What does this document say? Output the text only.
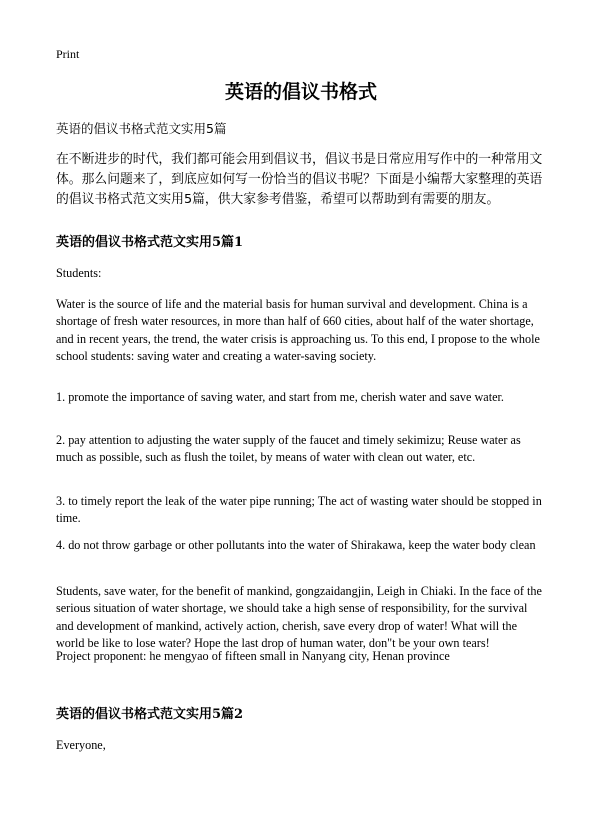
Print
英语的倡议书格式
英语的倡议书格式范文实用5篇

在不断进步的时代，我们都可能会用到倡议书，倡议书是日常应用写作中的一种常用文体。那么问题来了，到底应如何写一份恰当的倡议书呢？下面是小编帮大家整理的英语的倡议书格式范文实用5篇，供大家参考借鉴，希望可以帮助到有需要的朋友。

英语的倡议书格式范文实用5篇1

Students:

Water is the source of life and the material basis for human survival and development. China is a shortage of fresh water resources, in more than half of 660 cities, about half of the water shortage, and in recent years, the trend, the water crisis is approaching us. To this end, I propose to the whole school students: saving water and creating a water-saving society.

1. promote the importance of saving water, and start from me, cherish water and save water.

2. pay attention to adjusting the water supply of the faucet and timely sekimizu; Reuse water as much as possible, such as flush the toilet, by means of water with clean out water, etc.

3. to timely report the leak of the water pipe running; The act of wasting water should be stopped in time.

4. do not throw garbage or other pollutants into the water of Shirakawa, keep the water body clean

Students, save water, for the benefit of mankind, gongzaidangjin, Leigh in Chiaki. In the face of the serious situation of water shortage, we should take a high sense of responsibility, for the survival and development of mankind, actively action, cherish, save every drop of water! What will the world be like to lose water? Hope the last drop of human water, don"t be your own tears!

Project proponent: he mengyao of fifteen small in Nanyang city, Henan province

英语的倡议书格式范文实用5篇2

Everyone,
